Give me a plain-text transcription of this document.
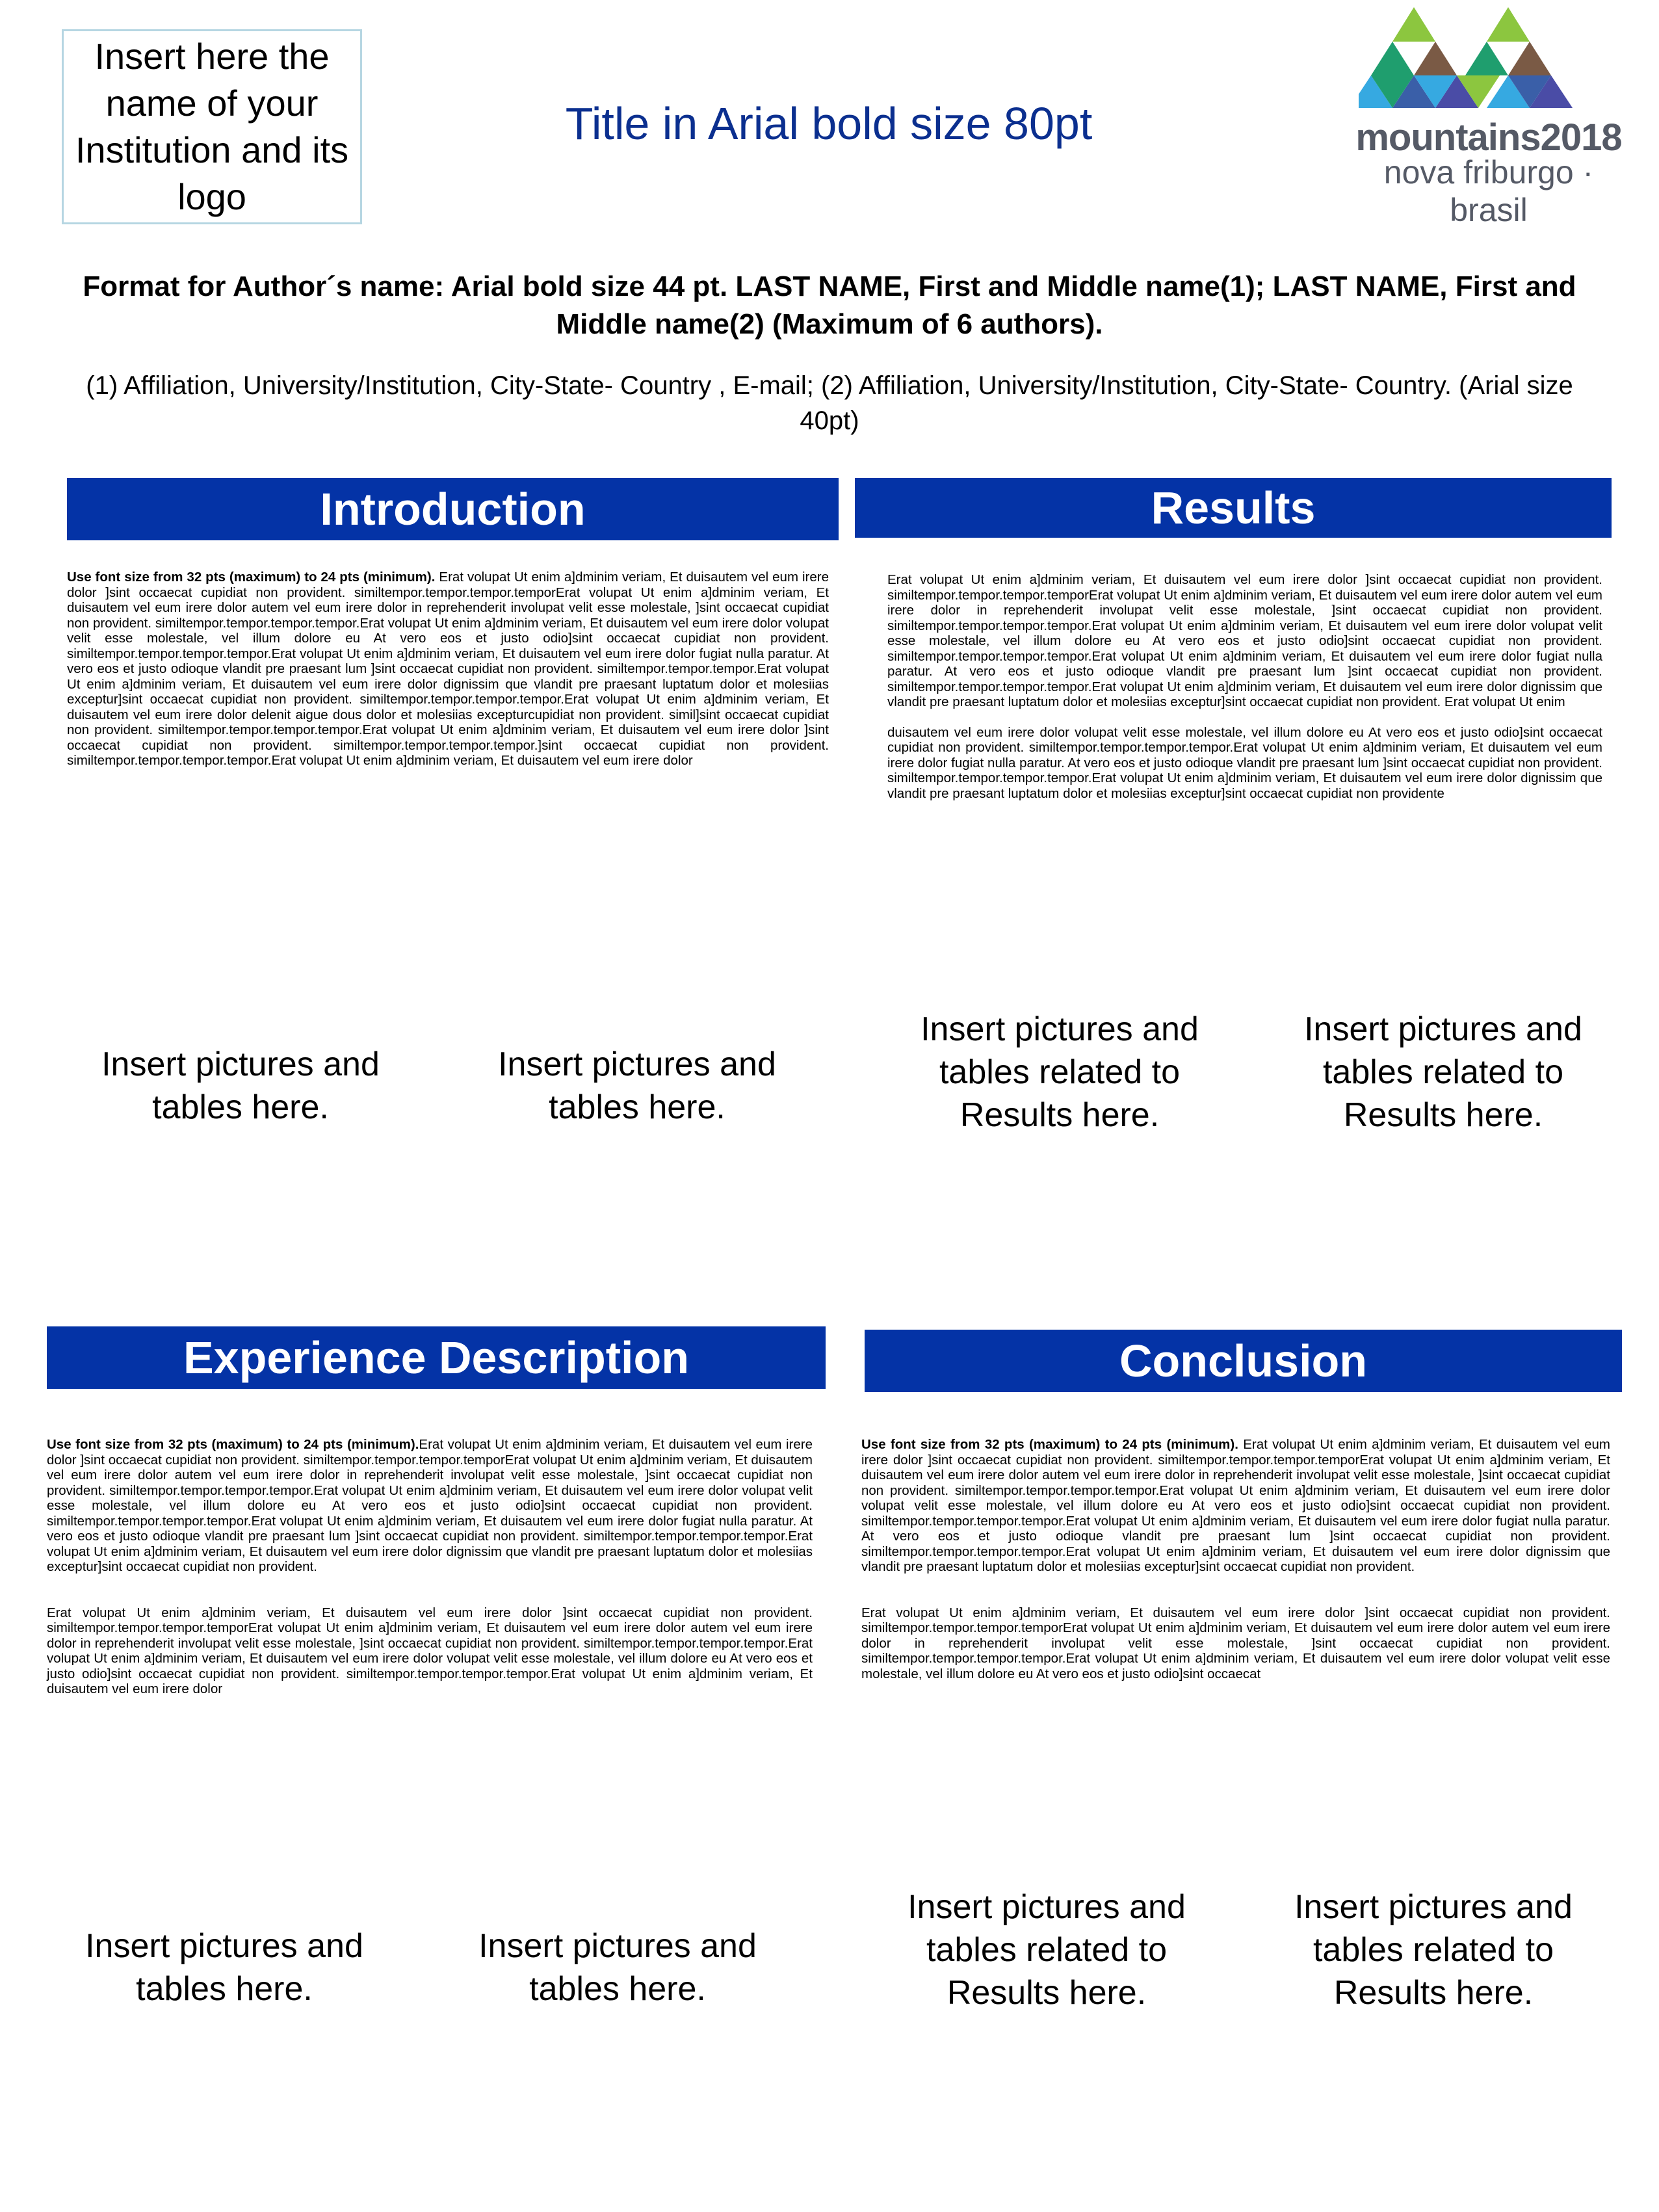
Insert here the name of your Institution and its logo
Title in Arial bold size 80pt	mountains2018
nova friburgo · brasil
Format for Author´s name: Arial bold size 44 pt. LAST NAME, First and Middle name(1); LAST NAME, First and Middle name(2) (Maximum of 6 authors).
(1) Affiliation, University/Institution, City-State- Country , E-mail; (2) Affiliation, University/Institution, City-State- Country. (Arial size 40pt)
Introduction

Use font size from 32 pts (maximum) to 24 pts (minimum). Erat volupat Ut enim a]dminim veriam, Et duisautem vel eum irere dolor ]sint occaecat cupidiat non provident. similtempor.tempor.tempor.temporErat volupat Ut enim a]dminim veriam, Et duisautem vel eum irere dolor autem vel eum irere dolor in reprehenderit involupat velit esse molestale, ]sint occaecat cupidiat non provident. similtempor.tempor.tempor.tempor.Erat volupat Ut enim a]dminim veriam, Et duisautem vel eum irere dolor volupat velit esse molestale, vel illum dolore eu At vero eos et justo odio]sint occaecat cupidiat non provident. similtempor.tempor.tempor.tempor.Erat volupat Ut enim a]dminim veriam, Et duisautem vel eum irere dolor fugiat nulla paratur. At vero eos et justo odioque vlandit pre praesant lum ]sint occaecat cupidiat non provident. similtempor.tempor.tempor.Erat volupat Ut enim a]dminim veriam, Et duisautem vel eum irere dolor dignissim que vlandit pre praesant luptatum dolor et molesiias exceptur]sint occaecat cupidiat non provident. similtempor.tempor.tempor.tempor.Erat volupat Ut enim a]dminim veriam, Et duisautem vel eum irere dolor delenit aigue dous dolor et molesiias excepturcupidiat non provident. simil]sint occaecat cupidiat non provident. similtempor.tempor.tempor.tempor.Erat volupat Ut enim a]dminim veriam, Et duisautem vel eum irere dolor ]sint occaecat cupidiat non provident. similtempor.tempor.tempor.tempor.]sint occaecat cupidiat non provident. similtempor.tempor.tempor.tempor.Erat volupat Ut enim a]dminim veriam, Et duisautem vel eum irere dolor

Results

Erat volupat Ut enim a]dminim veriam, Et duisautem vel eum irere dolor ]sint occaecat cupidiat non provident. similtempor.tempor.tempor.temporErat volupat Ut enim a]dminim veriam, Et duisautem vel eum irere dolor autem vel eum irere dolor in reprehenderit involupat velit esse molestale, ]sint occaecat cupidiat non provident. similtempor.tempor.tempor.tempor.Erat volupat Ut enim a]dminim veriam, Et duisautem vel eum irere dolor volupat velit esse molestale, vel illum dolore eu At vero eos et justo odio]sint occaecat cupidiat non provident. similtempor.tempor.tempor.tempor.Erat volupat Ut enim a]dminim veriam, Et duisautem vel eum irere dolor fugiat nulla paratur. At vero eos et justo odioque vlandit pre praesant lum ]sint occaecat cupidiat non provident. similtempor.tempor.tempor.tempor.Erat volupat Ut enim a]dminim veriam, Et duisautem vel eum irere dolor dignissim que vlandit pre praesant luptatum dolor et molesiias exceptur]sint occaecat cupidiat non provident. Erat volupat Ut enim

duisautem vel eum irere dolor volupat velit esse molestale, vel illum dolore eu At vero eos et justo odio]sint occaecat cupidiat non provident. similtempor.tempor.tempor.tempor.Erat volupat Ut enim a]dminim veriam, Et duisautem vel eum irere dolor fugiat nulla paratur. At vero eos et justo odioque vlandit pre praesant lum ]sint occaecat cupidiat non provident. similtempor.tempor.tempor.tempor.Erat volupat Ut enim a]dminim veriam, Et duisautem vel eum irere dolor dignissim que vlandit pre praesant luptatum dolor et molesiias exceptur]sint occaecat cupidiat non providente

Insert pictures and tables here.
Insert pictures and tables here.
Insert pictures and tables related to Results here.
Insert pictures and tables related to Results here.
Experience Description

Use font size from 32 pts (maximum) to 24 pts (minimum).Erat volupat Ut enim a]dminim veriam, Et duisautem vel eum irere dolor ]sint occaecat cupidiat non provident. similtempor.tempor.tempor.temporErat volupat Ut enim a]dminim veriam, Et duisautem vel eum irere dolor autem vel eum irere dolor in reprehenderit involupat velit esse molestale, ]sint occaecat cupidiat non provident. similtempor.tempor.tempor.tempor.Erat volupat Ut enim a]dminim veriam, Et duisautem vel eum irere dolor volupat velit esse molestale, vel illum dolore eu At vero eos et justo odio]sint occaecat cupidiat non provident. similtempor.tempor.tempor.tempor.Erat volupat Ut enim a]dminim veriam, Et duisautem vel eum irere dolor fugiat nulla paratur. At vero eos et justo odioque vlandit pre praesant lum ]sint occaecat cupidiat non provident. similtempor.tempor.tempor.tempor.Erat volupat Ut enim a]dminim veriam, Et duisautem vel eum irere dolor dignissim que vlandit pre praesant luptatum dolor et molesiias exceptur]sint occaecat cupidiat non provident.

Erat volupat Ut enim a]dminim veriam, Et duisautem vel eum irere dolor ]sint occaecat cupidiat non provident. similtempor.tempor.tempor.temporErat volupat Ut enim a]dminim veriam, Et duisautem vel eum irere dolor autem vel eum irere dolor in reprehenderit involupat velit esse molestale, ]sint occaecat cupidiat non provident. similtempor.tempor.tempor.tempor.Erat volupat Ut enim a]dminim veriam, Et duisautem vel eum irere dolor volupat velit esse molestale, vel illum dolore eu At vero eos et justo odio]sint occaecat cupidiat non provident. similtempor.tempor.tempor.tempor.Erat volupat Ut enim a]dminim veriam, Et duisautem vel eum irere dolor

Conclusion

Use font size from 32 pts (maximum) to 24 pts (minimum). Erat volupat Ut enim a]dminim veriam, Et duisautem vel eum irere dolor ]sint occaecat cupidiat non provident. similtempor.tempor.tempor.temporErat volupat Ut enim a]dminim veriam, Et duisautem vel eum irere dolor autem vel eum irere dolor in reprehenderit involupat velit esse molestale, ]sint occaecat cupidiat non provident. similtempor.tempor.tempor.tempor.Erat volupat Ut enim a]dminim veriam, Et duisautem vel eum irere dolor volupat velit esse molestale, vel illum dolore eu At vero eos et justo odio]sint occaecat cupidiat non provident. similtempor.tempor.tempor.tempor.Erat volupat Ut enim a]dminim veriam, Et duisautem vel eum irere dolor fugiat nulla paratur. At vero eos et justo odioque vlandit pre praesant lum ]sint occaecat cupidiat non provident. similtempor.tempor.tempor.tempor.Erat volupat Ut enim a]dminim veriam, Et duisautem vel eum irere dolor dignissim que vlandit pre praesant luptatum dolor et molesiias exceptur]sint occaecat cupidiat non provident.

Erat volupat Ut enim a]dminim veriam, Et duisautem vel eum irere dolor ]sint occaecat cupidiat non provident. similtempor.tempor.tempor.temporErat volupat Ut enim a]dminim veriam, Et duisautem vel eum irere dolor autem vel eum irere dolor in reprehenderit involupat velit esse molestale, ]sint occaecat cupidiat non provident. similtempor.tempor.tempor.tempor.Erat volupat Ut enim a]dminim veriam, Et duisautem vel eum irere dolor volupat velit esse molestale, vel illum dolore eu At vero eos et justo odio]sint occaecat

Insert pictures and tables here.
Insert pictures and tables here.
Insert pictures and tables related to Results here.
Insert pictures and tables related to Results here.
